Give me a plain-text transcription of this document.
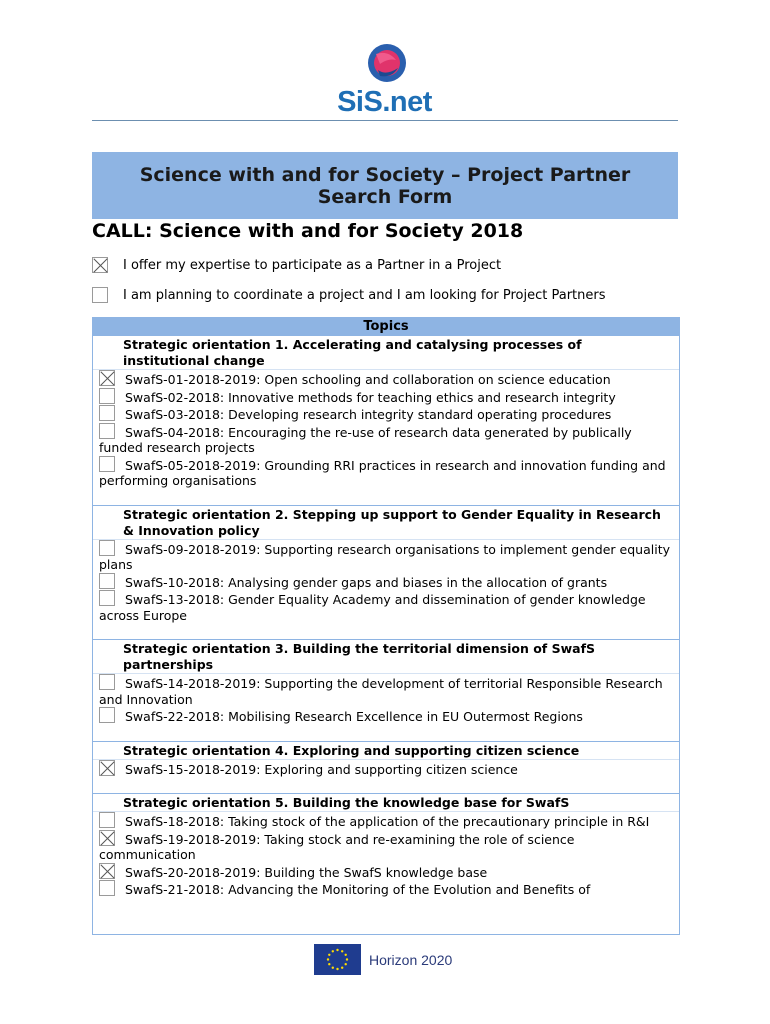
SiS.net
Science with and for Society – Project Partner Search Form
CALL: Science with and for Society 2018
I offer my expertise to participate as a Partner in a Project
I am planning to coordinate a project and I am looking for Project Partners
Topics
Strategic orientation 1. Accelerating and catalysing processes of institutional change
SwafS-01-2018-2019: Open schooling and collaboration on science education
SwafS-02-2018: Innovative methods for teaching ethics and research integrity
SwafS-03-2018: Developing research integrity standard operating procedures
SwafS-04-2018: Encouraging the re-use of research data generated by publically funded research projects
SwafS-05-2018-2019: Grounding RRI practices in research and innovation funding and performing organisations
Strategic orientation 2. Stepping up support to Gender Equality in Research & Innovation policy
SwafS-09-2018-2019: Supporting research organisations to implement gender equality plans
SwafS-10-2018: Analysing gender gaps and biases in the allocation of grants
SwafS-13-2018: Gender Equality Academy and dissemination of gender knowledge across Europe
Strategic orientation 3. Building the territorial dimension of SwafS partnerships
SwafS-14-2018-2019: Supporting the development of territorial Responsible Research and Innovation
SwafS-22-2018: Mobilising Research Excellence in EU Outermost Regions
Strategic orientation 4. Exploring and supporting citizen science
SwafS-15-2018-2019: Exploring and supporting citizen science
Strategic orientation 5. Building the knowledge base for SwafS
SwafS-18-2018: Taking stock of the application of the precautionary principle in R&I
SwafS-19-2018-2019: Taking stock and re-examining the role of science communication
SwafS-20-2018-2019: Building the SwafS knowledge base
SwafS-21-2018: Advancing the Monitoring of the Evolution and Benefits of
Horizon 2020
